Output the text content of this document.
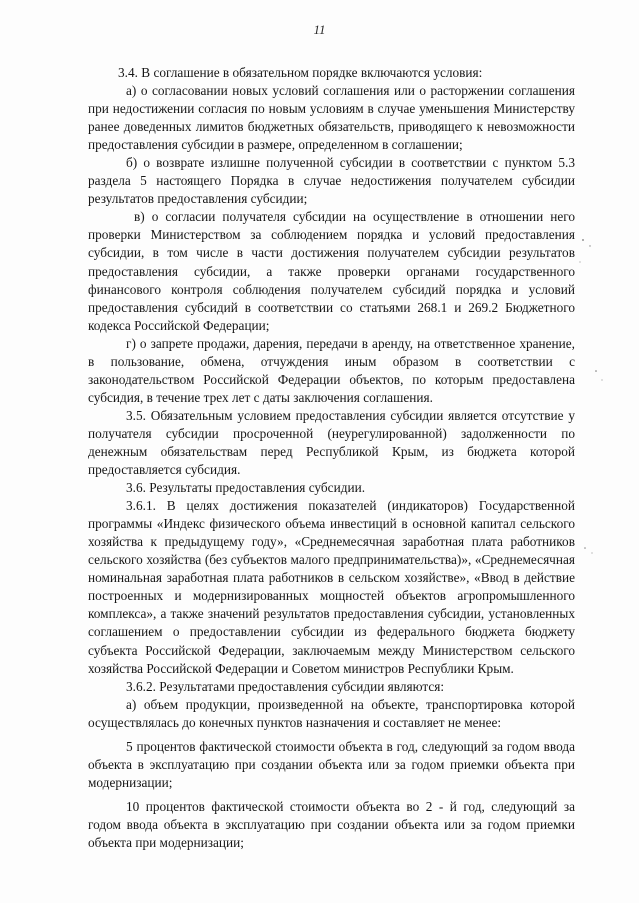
11

3.4. В соглашение в обязательном порядке включаются условия:

а) о согласовании новых условий соглашения или о расторжении соглашения при недостижении согласия по новым условиям в случае уменьшения Министерству ранее доведенных лимитов бюджетных обязательств, приводящего к невозможности предоставления субсидии в размере, определенном в соглашении;

б) о возврате излишне полученной субсидии в соответствии с пунктом 5.3 раздела 5 настоящего Порядка в случае недостижения получателем субсидии результатов предоставления субсидии;

в) о согласии получателя субсидии на осуществление в отношении него проверки Министерством за соблюдением порядка и условий предоставления субсидии, в том числе в части достижения получателем субсидии результатов предоставления субсидии, а также проверки органами государственного финансового контроля соблюдения получателем субсидий порядка и условий предоставления субсидий в соответствии со статьями 268.1 и 269.2 Бюджетного кодекса Российской Федерации;

г) о запрете продажи, дарения, передачи в аренду, на ответственное хранение, в пользование, обмена, отчуждения иным образом в соответствии с законодательством Российской Федерации объектов, по которым предоставлена субсидия, в течение трех лет с даты заключения соглашения.

3.5. Обязательным условием предоставления субсидии является отсутствие у получателя субсидии просроченной (неурегулированной) задолженности по денежным обязательствам перед Республикой Крым, из бюджета которой предоставляется субсидия.

3.6. Результаты предоставления субсидии.

3.6.1. В целях достижения показателей (индикаторов) Государственной программы «Индекс физического объема инвестиций в основной капитал сельского хозяйства к предыдущему году», «Среднемесячная заработная плата работников сельского хозяйства (без субъектов малого предпринимательства)», «Среднемесячная номинальная заработная плата работников в сельском хозяйстве», «Ввод в действие построенных и модернизированных мощностей объектов агропромышленного комплекса», а также значений результатов предоставления субсидии, установленных соглашением о предоставлении субсидии из федерального бюджета бюджету субъекта Российской Федерации, заключаемым между Министерством сельского хозяйства Российской Федерации и Советом министров Республики Крым.

3.6.2. Результатами предоставления субсидии являются:

а) объем продукции, произведенной на объекте, транспортировка которой осуществлялась до конечных пунктов назначения и составляет не менее:

5 процентов фактической стоимости объекта в год, следующий за годом ввода объекта в эксплуатацию при создании объекта или за годом приемки объекта при модернизации;

10 процентов фактической стоимости объекта во 2 - й год, следующий за годом ввода объекта в эксплуатацию при создании объекта или за годом приемки объекта при модернизации;
